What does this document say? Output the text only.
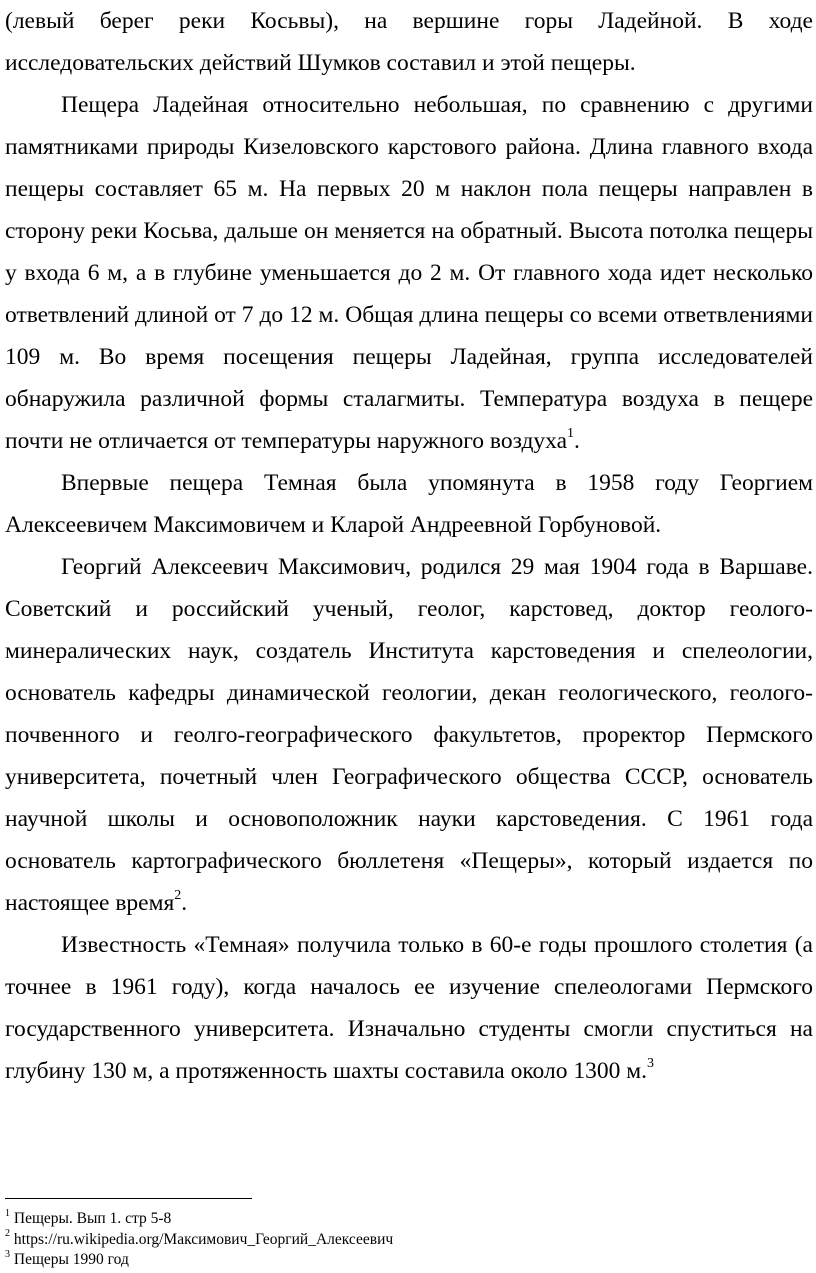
(левый берег реки Косьвы), на вершине горы Ладейной. В ходе исследовательских действий Шумков составил и этой пещеры.

Пещера Ладейная относительно небольшая, по сравнению с другими памятниками природы Кизеловского карстового района. Длина главного входа пещеры составляет 65 м. На первых 20 м наклон пола пещеры направлен в сторону реки Косьва, дальше он меняется на обратный. Высота потолка пещеры у входа 6 м, а в глубине уменьшается до 2 м. От главного хода идет несколько ответвлений длиной от 7 до 12 м. Общая длина пещеры со всеми ответвлениями 109 м. Во время посещения пещеры Ладейная, группа исследователей обнаружила различной формы сталагмиты. Температура воздуха в пещере почти не отличается от температуры наружного воздуха$^1$.

Впервые пещера Темная была упомянута в 1958 году Георгием Алексеевичем Максимовичем и Кларой Андреевной Горбуновой.

Георгий Алексеевич Максимович, родился 29 мая 1904 года в Варшаве. Советский и российский ученый, геолог, карстовед, доктор геолого-минералических наук, создатель Института карстоведения и спелеологии, основатель кафедры динамической геологии, декан геологического, геолого-почвенного и геолго-географического факультетов, проректор Пермского университета, почетный член Географического общества СССР, основатель научной школы и основоположник науки карстоведения. С 1961 года основатель картографического бюллетеня «Пещеры», который издается по настоящее время$^2$.

Известность «Темная» получила только в 60-е годы прошлого столетия (а точнее в 1961 году), когда началось ее изучение спелеологами Пермского государственного университета. Изначально студенты смогли спуститься на глубину 130 м, а протяженность шахты составила около 1300 м.$^3$

$^1$ Пещеры. Вып 1. стр 5-8
$^2$ https://ru.wikipedia.org/Максимович_Георгий_Алексеевич
$^3$ Пещеры 1990 год
